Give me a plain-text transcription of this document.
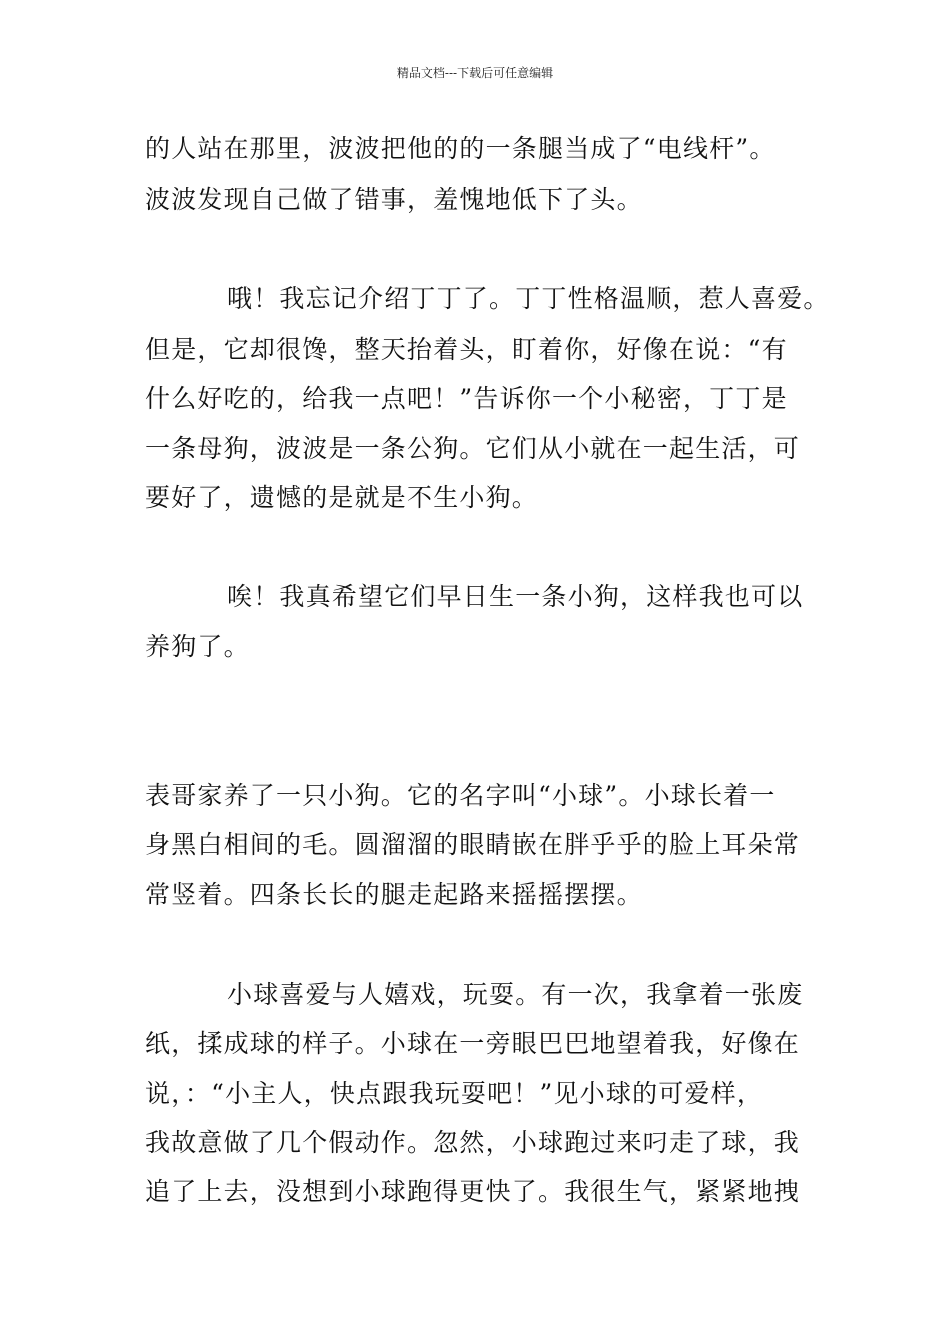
精品文档---下载后可任意编辑
的人站在那里，波波把他的的一条腿当成了“电线杆”。
波波发现自己做了错事，羞愧地低下了头。
哦！我忘记介绍丁丁了。丁丁性格温顺，惹人喜爱。
但是，它却很馋，整天抬着头，盯着你，好像在说：“有
什么好吃的，给我一点吧！”告诉你一个小秘密，丁丁是
一条母狗，波波是一条公狗。它们从小就在一起生活，可
要好了，遗憾的是就是不生小狗。
唉！我真希望它们早日生一条小狗，这样我也可以
养狗了。
表哥家养了一只小狗。它的名字叫“小球”。小球长着一
身黑白相间的毛。圆溜溜的眼睛嵌在胖乎乎的脸上耳朵常
常竖着。四条长长的腿走起路来摇摇摆摆。
小球喜爱与人嬉戏，玩耍。有一次，我拿着一张废
纸，揉成球的样子。小球在一旁眼巴巴地望着我，好像在
说，：“小主人，快点跟我玩耍吧！”见小球的可爱样，
我故意做了几个假动作。忽然，小球跑过来叼走了球，我
追了上去，没想到小球跑得更快了。我很生气，紧紧地拽
